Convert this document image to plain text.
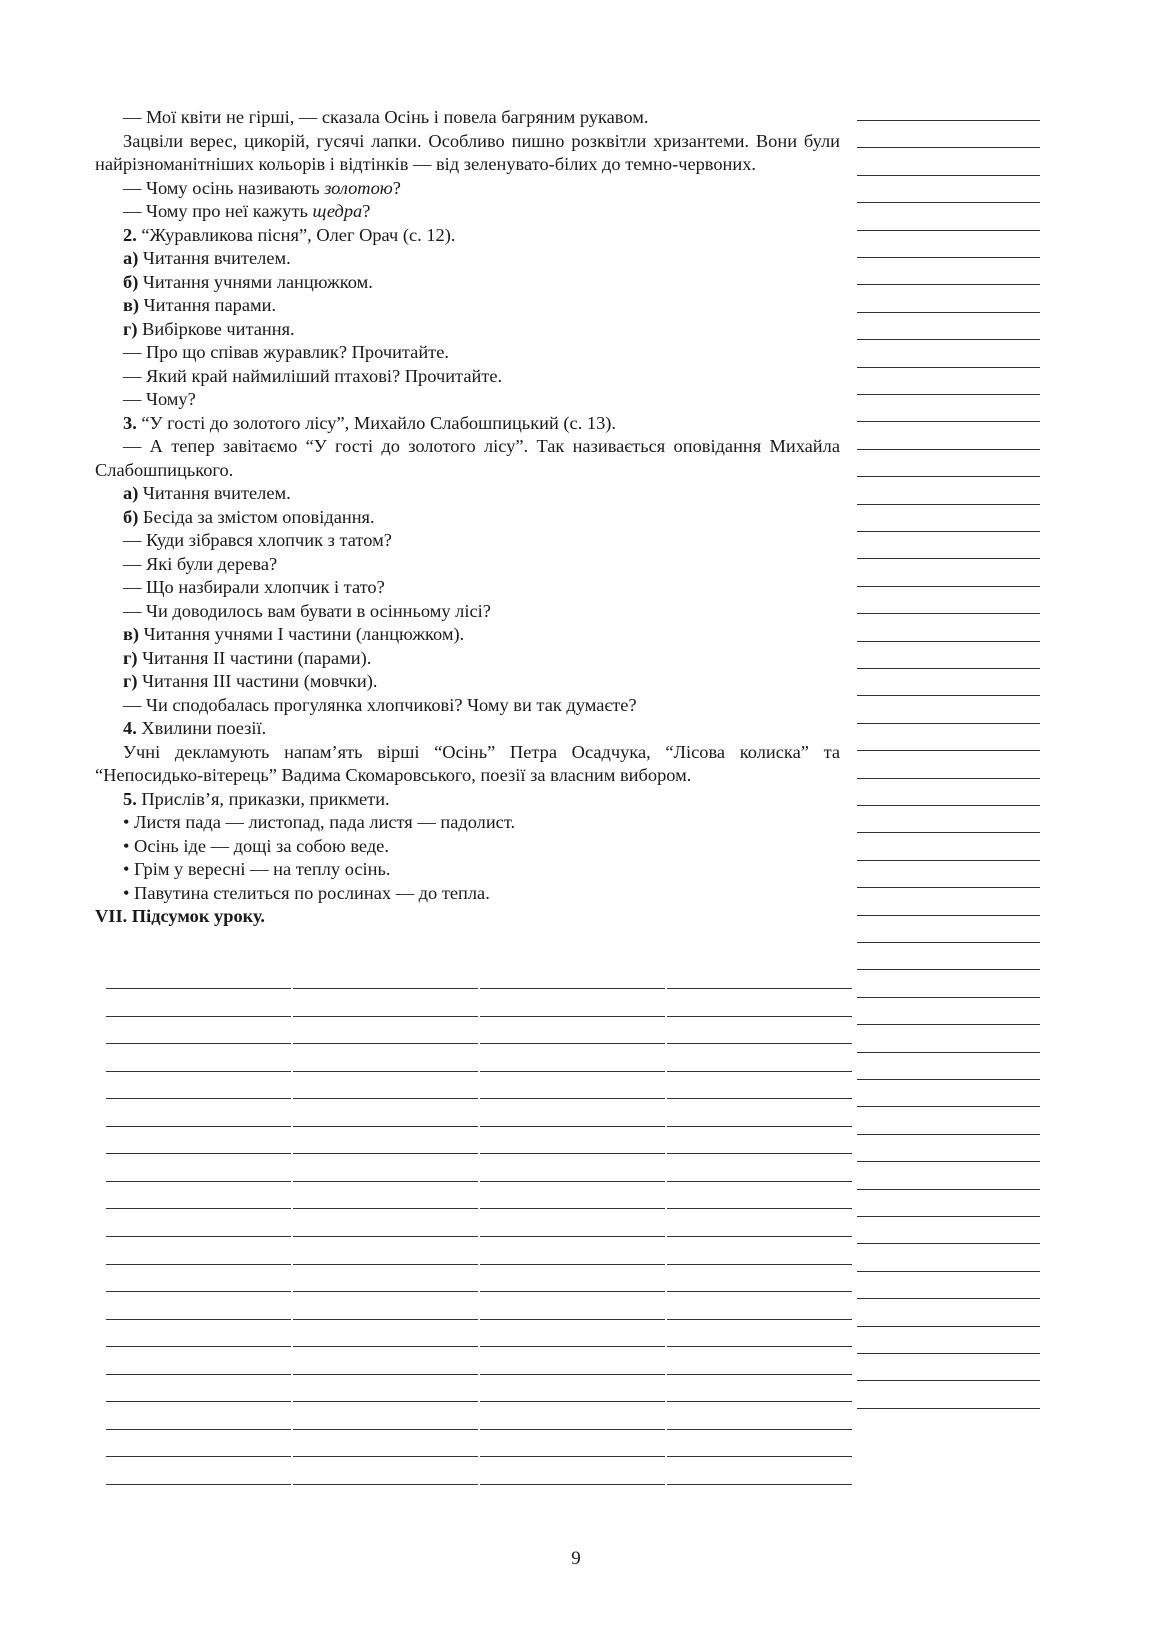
— Мої квіти не гірші, — сказала Осінь і повела багряним рукавом.

Зацвіли верес, цикорій, гусячі лапки. Особливо пишно розквітли хризантеми. Вони були найрізноманітніших кольорів і відтінків — від зеленувато-білих до темно-червоних.

— Чому осінь називають золотою?

— Чому про неї кажуть щедра?

2. “Журавликова пісня”, Олег Орач (с. 12).

а) Читання вчителем.

б) Читання учнями ланцюжком.

в) Читання парами.

г) Вибіркове читання.

— Про що співав журавлик? Прочитайте.

— Який край наймиліший птахові? Прочитайте.

— Чому?

3. “У гості до золотого лісу”, Михайло Слабошпицький (с. 13).

— А тепер завітаємо “У гості до золотого лісу”. Так називається оповідання Михайла Слабошпицького.

а) Читання вчителем.

б) Бесіда за змістом оповідання.

— Куди зібрався хлопчик з татом?

— Які були дерева?

— Що назбирали хлопчик і тато?

— Чи доводилось вам бувати в осінньому лісі?

в) Читання учнями І частини (ланцюжком).

г) Читання ІІ частини (парами).

г) Читання ІІІ частини (мовчки).

— Чи сподобалась прогулянка хлопчикові? Чому ви так думаєте?

4. Хвилини поезії.

Учні декламують напам’ять вірші “Осінь” Петра Осадчука, “Лісова колиска” та “Непосидько-вітерець” Вадима Скомаровського, поезії за власним вибором.

5. Прислів’я, приказки, прикмети.

• Листя пада — листопад, пада листя — падолист.

• Осінь іде — дощі за собою веде.

• Грім у вересні — на теплу осінь.

• Павутина стелиться по рослинах — до тепла.

VII. Підсумок уроку.

9
